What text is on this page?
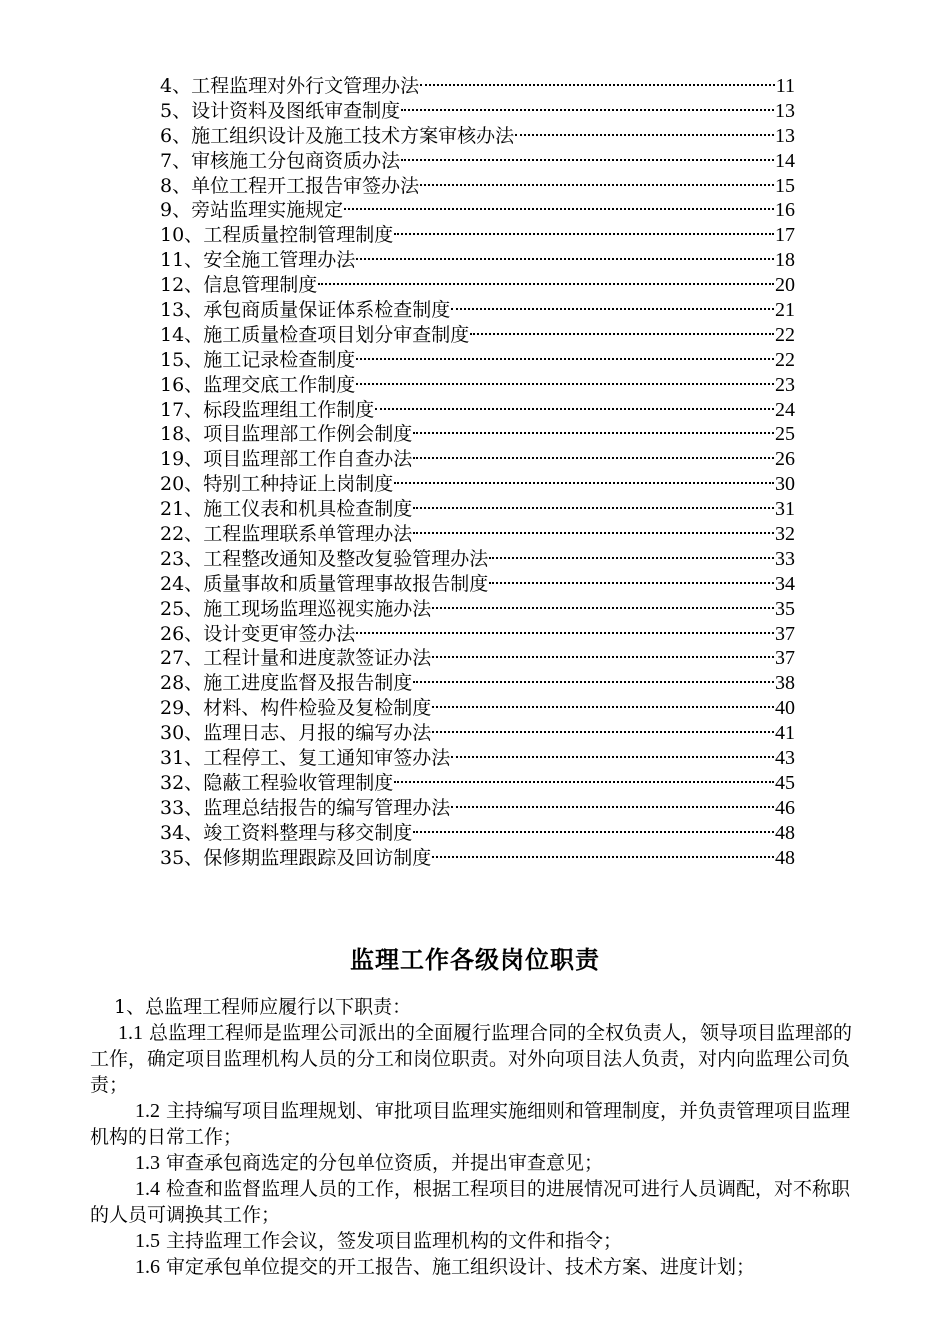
4、 工程监理对外行文管理办法	11
5、 设计资料及图纸审查制度	13
6、 施工组织设计及施工技术方案审核办法	13
7、 审核施工分包商资质办法	14
8、 单位工程开工报告审签办法	15
9、 旁站监理实施规定	16
10、 工程质量控制管理制度	17
11、 安全施工管理办法	18
12、 信息管理制度	20
13、 承包商质量保证体系检查制度	21
14、 施工质量检查项目划分审查制度	22
15、 施工记录检查制度	22
16、 监理交底工作制度	23
17、 标段监理组工作制度	24
18、 项目监理部工作例会制度	25
19、 项目监理部工作自查办法	26
20、 特别工种持证上岗制度	30
21、 施工仪表和机具检查制度	31
22、 工程监理联系单管理办法	32
23、 工程整改通知及整改复验管理办法	33
24、 质量事故和质量管理事故报告制度	34
25、 施工现场监理巡视实施办法	35
26、 设计变更审签办法	37
27、 工程计量和进度款签证办法	37
28、 施工进度监督及报告制度	38
29、 材料、构件检验及复检制度	40
30、 监理日志、月报的编写办法	41
31、 工程停工、复工通知审签办法	43
32、 隐蔽工程验收管理制度	45
33、 监理总结报告的编写管理办法	46
34、 竣工资料整理与移交制度	48
35、 保修期监理跟踪及回访制度	48
监理工作各级岗位职责

1、总监理工程师应履行以下职责：

1.1 总监理工程师是监理公司派出的全面履行监理合同的全权负责人，领导项目监理部的工作，确定项目监理机构人员的分工和岗位职责。对外向项目法人负责，对内向监理公司负责；

1.2 主持编写项目监理规划、审批项目监理实施细则和管理制度，并负责管理项目监理机构的日常工作；

1.3 审查承包商选定的分包单位资质，并提出审查意见；

1.4 检查和监督监理人员的工作，根据工程项目的进展情况可进行人员调配，对不称职的人员可调换其工作；

1.5 主持监理工作会议，签发项目监理机构的文件和指令；

1.6 审定承包单位提交的开工报告、施工组织设计、技术方案、进度计划；
